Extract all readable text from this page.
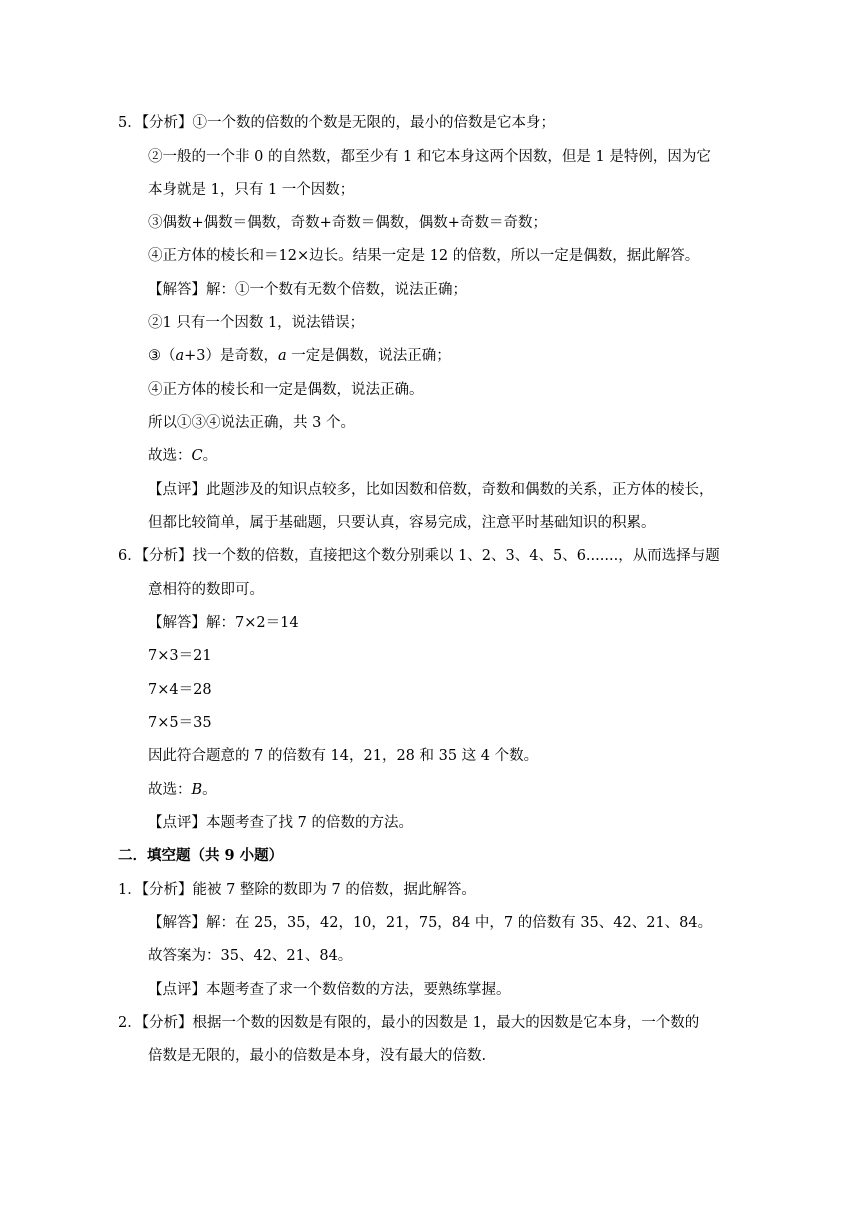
5．【分析】①一个数的倍数的个数是无限的，最小的倍数是它本身；
②一般的一个非 0 的自然数，都至少有 1 和它本身这两个因数，但是 1 是特例，因为它
本身就是 1，只有 1 一个因数；
③偶数+偶数＝偶数，奇数+奇数＝偶数，偶数+奇数＝奇数；
④正方体的棱长和＝12×边长。结果一定是 12 的倍数，所以一定是偶数，据此解答。
【解答】解：①一个数有无数个倍数，说法正确；
②1 只有一个因数 1，说法错误；
③（a+3）是奇数，a 一定是偶数，说法正确；
④正方体的棱长和一定是偶数，说法正确。
所以①③④说法正确，共 3 个。
故选：C。
【点评】此题涉及的知识点较多，比如因数和倍数，奇数和偶数的关系，正方体的棱长，
但都比较简单，属于基础题，只要认真，容易完成，注意平时基础知识的积累。
6．【分析】找一个数的倍数，直接把这个数分别乘以 1、2、3、4、5、6.......，从而选择与题
意相符的数即可。
【解答】解：7×2＝14
7×3＝21
7×4＝28
7×5＝35
因此符合题意的 7 的倍数有 14，21，28 和 35 这 4 个数。
故选：B。
【点评】本题考查了找 7 的倍数的方法。
二．填空题（共 9 小题）
1．【分析】能被 7 整除的数即为 7 的倍数，据此解答。
【解答】解：在 25，35，42，10，21，75，84 中，7 的倍数有 35、42、21、84。
故答案为：35、42、21、84。
【点评】本题考查了求一个数倍数的方法，要熟练掌握。
2．【分析】根据一个数的因数是有限的，最小的因数是 1，最大的因数是它本身，一个数的
倍数是无限的，最小的倍数是本身，没有最大的倍数.
